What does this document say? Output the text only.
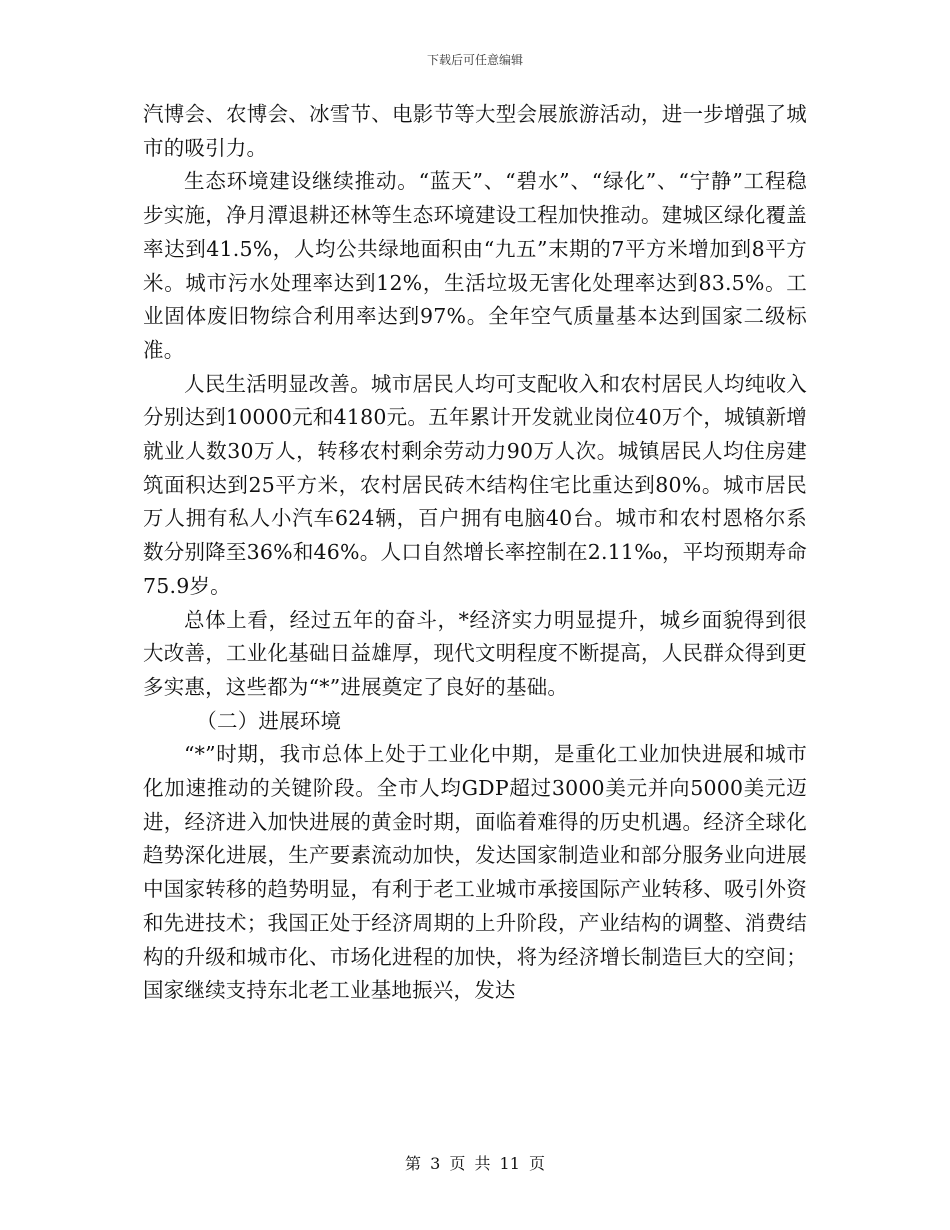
下载后可任意编辑

汽博会、农博会、冰雪节、电影节等大型会展旅游活动，进一步增强了城市的吸引力。

生态环境建设继续推动。“蓝天”、“碧水”、“绿化”、“宁静”工程稳步实施，净月潭退耕还林等生态环境建设工程加快推动。建城区绿化覆盖率达到41.5%，人均公共绿地面积由“九五”末期的7平方米增加到8平方米。城市污水处理率达到12%，生活垃圾无害化处理率达到83.5%。工业固体废旧物综合利用率达到97%。全年空气质量基本达到国家二级标准。

人民生活明显改善。城市居民人均可支配收入和农村居民人均纯收入分别达到10000元和4180元。五年累计开发就业岗位40万个，城镇新增就业人数30万人，转移农村剩余劳动力90万人次。城镇居民人均住房建筑面积达到25平方米，农村居民砖木结构住宅比重达到80%。城市居民万人拥有私人小汽车624辆，百户拥有电脑40台。城市和农村恩格尔系数分别降至36%和46%。人口自然增长率控制在2.11‰，平均预期寿命75.9岁。

总体上看，经过五年的奋斗，*经济实力明显提升，城乡面貌得到很大改善，工业化基础日益雄厚，现代文明程度不断提高，人民群众得到更多实惠，这些都为“*”进展奠定了良好的基础。

（二）进展环境

“*”时期，我市总体上处于工业化中期，是重化工业加快进展和城市化加速推动的关键阶段。全市人均GDP超过3000美元并向5000美元迈进，经济进入加快进展的黄金时期，面临着难得的历史机遇。经济全球化趋势深化进展，生产要素流动加快，发达国家制造业和部分服务业向进展中国家转移的趋势明显，有利于老工业城市承接国际产业转移、吸引外资和先进技术；我国正处于经济周期的上升阶段，产业结构的调整、消费结构的升级和城市化、市场化进程的加快，将为经济增长制造巨大的空间；国家继续支持东北老工业基地振兴，发达

第 3 页 共 11 页
